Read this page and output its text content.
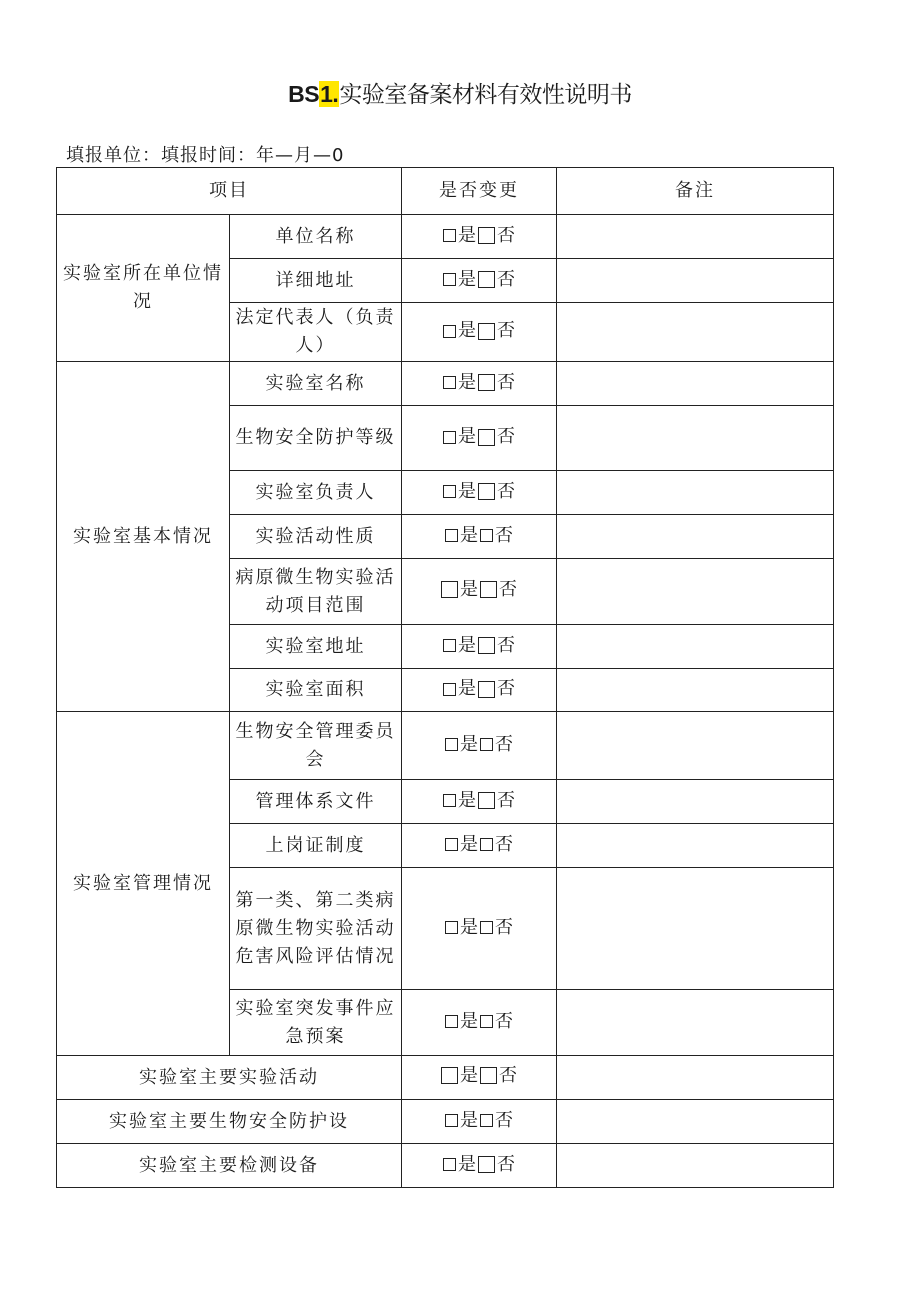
BS1.实验室备案材料有效性说明书
填报单位：填报时间：年—月—0
项目		是否变更	备注
实验室所在单位情况	单位名称	是 否	

	详细地址	是 否	

	法定代表人（负责人）	是 否	

实验室基本情况	实验室名称	是 否	

	生物安全防护等级	是 否	

	实验室负责人	是 否	

	实验活动性质	是 否	

	病原微生物实验活动项目范围	是 否	

	实验室地址	是 否	

	实验室面积	是 否	

实验室管理情况	生物安全管理委员会	是 否	

	管理体系文件	是 否	

	上岗证制度	是 否	

	第一类、第二类病原微生物实验活动危害风险评估情况	是 否	

	实验室突发事件应急预案	是 否	

实验室主要实验活动		是 否	

实验室主要生物安全防护设		是 否	

实验室主要检测设备		是 否	
